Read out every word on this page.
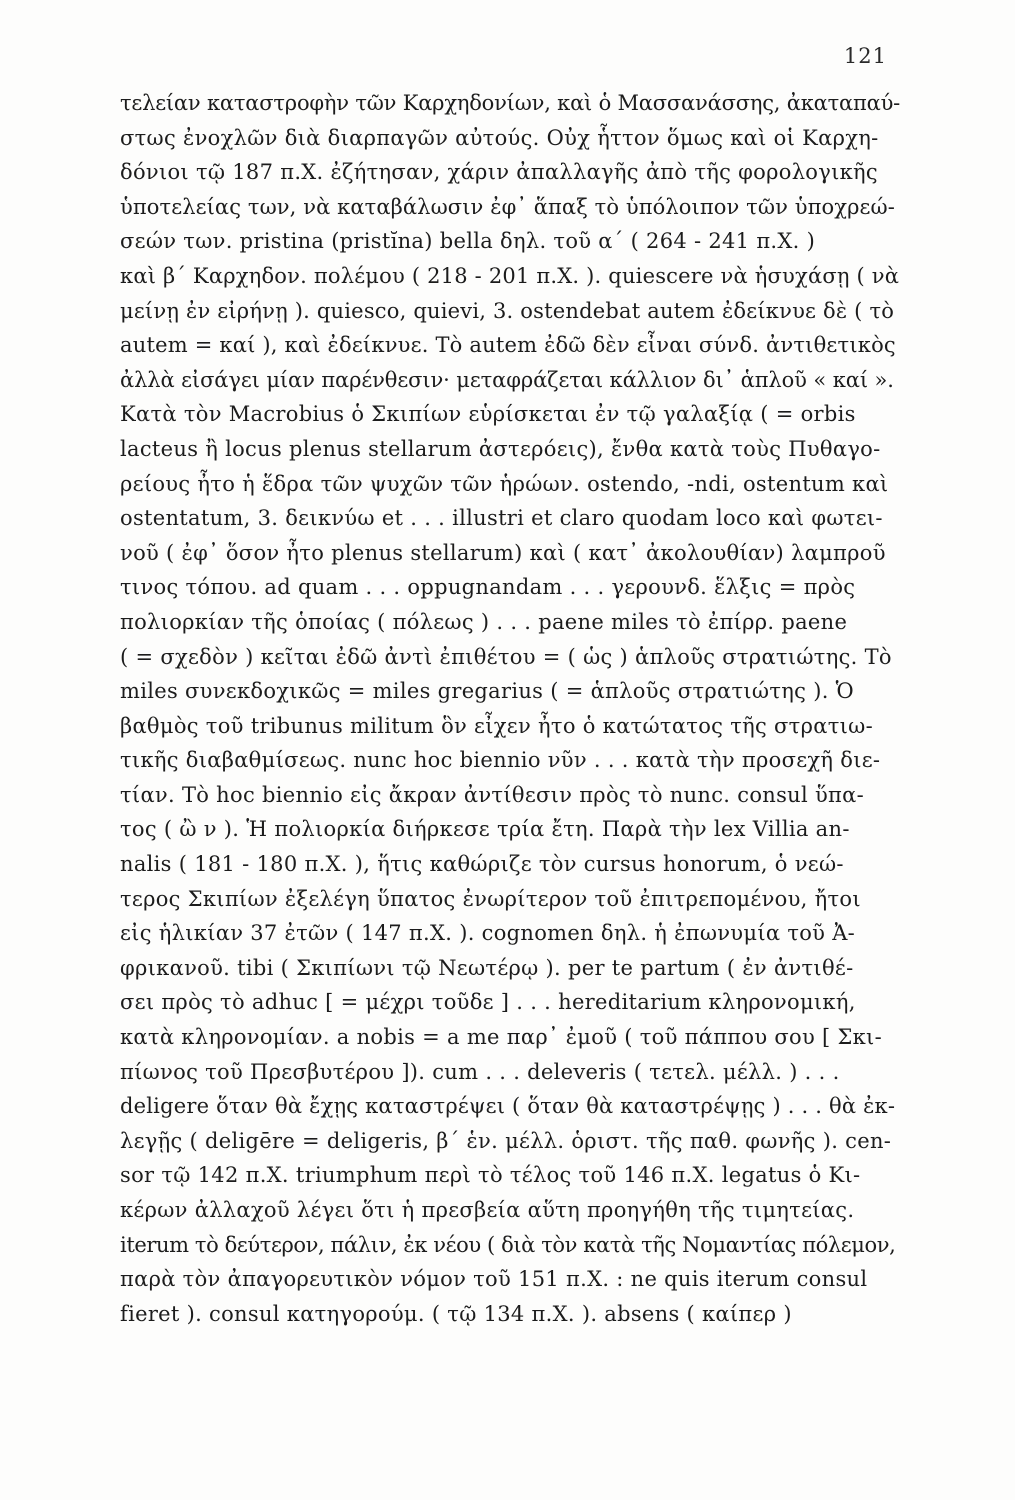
121
τελείαν καταστροφὴν τῶν Καρχηδονίων, καὶ ὁ Μασσανάσσης, ἀκαταπαύ-
στως ἐνοχλῶν διὰ διαρπαγῶν αὐτούς. Οὐχ ἧττον ὅμως καὶ οἱ Καρχη-
δόνιοι τῷ 187 π.Χ. ἐζήτησαν, χάριν ἀπαλλαγῆς ἀπὸ τῆς φορολογικῆς
ὑποτελείας των, νὰ καταβάλωσιν ἐφ᾿ ἅπαξ τὸ ὑπόλοιπον τῶν ὑποχρεώ-
σεών των. pristina (pristĭna) bella δηλ. τοῦ α΄ ( 264 - 241 π.Χ. )
καὶ β΄ Καρχηδον. πολέμου ( 218 - 201 π.Χ. ). quiescere νὰ ἡσυχάσῃ ( νὰ
μείνῃ ἐν εἰρήνῃ ). quiesco, quievi, 3. ostendebat autem ἐδείκνυε δὲ ( τὸ
autem = καί ), καὶ ἐδείκνυε. Τὸ autem ἐδῶ δὲν εἶναι σύνδ. ἀντιθετικὸς
ἀλλὰ εἰσάγει μίαν παρένθεσιν· μεταφράζεται κάλλιον δι᾿ ἁπλοῦ « καί ».
Κατὰ τὸν Macrobius ὁ Σκιπίων εὑρίσκεται ἐν τῷ γαλαξίᾳ ( = orbis
lacteus ἢ locus plenus stellarum ἀστερόεις), ἔνθα κατὰ τοὺς Πυθαγο-
ρείους ἦτο ἡ ἕδρα τῶν ψυχῶν τῶν ἡρώων. ostendo, -ndi, ostentum καὶ
ostentatum, 3. δεικνύω et . . . illustri et claro quodam loco καὶ φωτει-
νοῦ ( ἐφ᾿ ὅσον ἦτο plenus stellarum) καὶ ( κατ᾿ ἀκολουθίαν) λαμπροῦ
τινος τόπου. ad quam . . . oppugnandam . . . γερουνδ. ἕλξις = πρὸς
πολιορκίαν τῆς ὁποίας ( πόλεως ) . . . paene miles τὸ ἐπίρρ. paene
( = σχεδὸν ) κεῖται ἐδῶ ἀντὶ ἐπιθέτου = ( ὡς ) ἁπλοῦς στρατιώτης. Τὸ
miles συνεκδοχικῶς = miles gregarius ( = ἁπλοῦς στρατιώτης ). Ὁ
βαθμὸς τοῦ tribunus militum ὃν εἶχεν ἦτο ὁ κατώτατος τῆς στρατιω-
τικῆς διαβαθμίσεως. nunc hoc biennio νῦν . . . κατὰ τὴν προσεχῆ διε-
τίαν. Τὸ hoc biennio εἰς ἄκραν ἀντίθεσιν πρὸς τὸ nunc. consul ὕπα-
τος ( ὢ ν ). Ἡ πολιορκία διήρκεσε τρία ἔτη. Παρὰ τὴν lex Villia an-
nalis ( 181 - 180 π.Χ. ), ἥτις καθώριζε τὸν cursus honorum, ὁ νεώ-
τερος Σκιπίων ἐξελέγη ὕπατος ἐνωρίτερον τοῦ ἐπιτρεπομένου, ἤτοι
εἰς ἡλικίαν 37 ἐτῶν ( 147 π.Χ. ). cognomen δηλ. ἡ ἐπωνυμία τοῦ Ἀ-
φρικανοῦ. tibi ( Σκιπίωνι τῷ Νεωτέρῳ ). per te partum ( ἐν ἀντιθέ-
σει πρὸς τὸ adhuc [ = μέχρι τοῦδε ] . . . hereditarium κληρονομική,
κατὰ κληρονομίαν. a nobis = a me παρ᾿ ἐμοῦ ( τοῦ πάππου σου [ Σκι-
πίωνος τοῦ Πρεσβυτέρου ]). cum . . . deleveris ( τετελ. μέλλ. ) . . .
deligere ὅταν θὰ ἔχῃς καταστρέψει ( ὅταν θὰ καταστρέψῃς ) . . . θὰ ἐκ-
λεγῇς ( deligēre = deligeris, β΄ ἑν. μέλλ. ὁριστ. τῆς παθ. φωνῆς ). cen-
sor τῷ 142 π.Χ. triumphum περὶ τὸ τέλος τοῦ 146 π.Χ. legatus ὁ Κι-
κέρων ἀλλαχοῦ λέγει ὅτι ἡ πρεσβεία αὕτη προηγήθη τῆς τιμητείας.
iterum τὸ δεύτερον, πάλιν, ἐκ νέου ( διὰ τὸν κατὰ τῆς Νομαντίας πόλεμον,
παρὰ τὸν ἀπαγορευτικὸν νόμον τοῦ 151 π.Χ. : ne quis iterum consul
fieret ). consul κατηγορούμ. ( τῷ 134 π.Χ. ). absens ( καίπερ )
